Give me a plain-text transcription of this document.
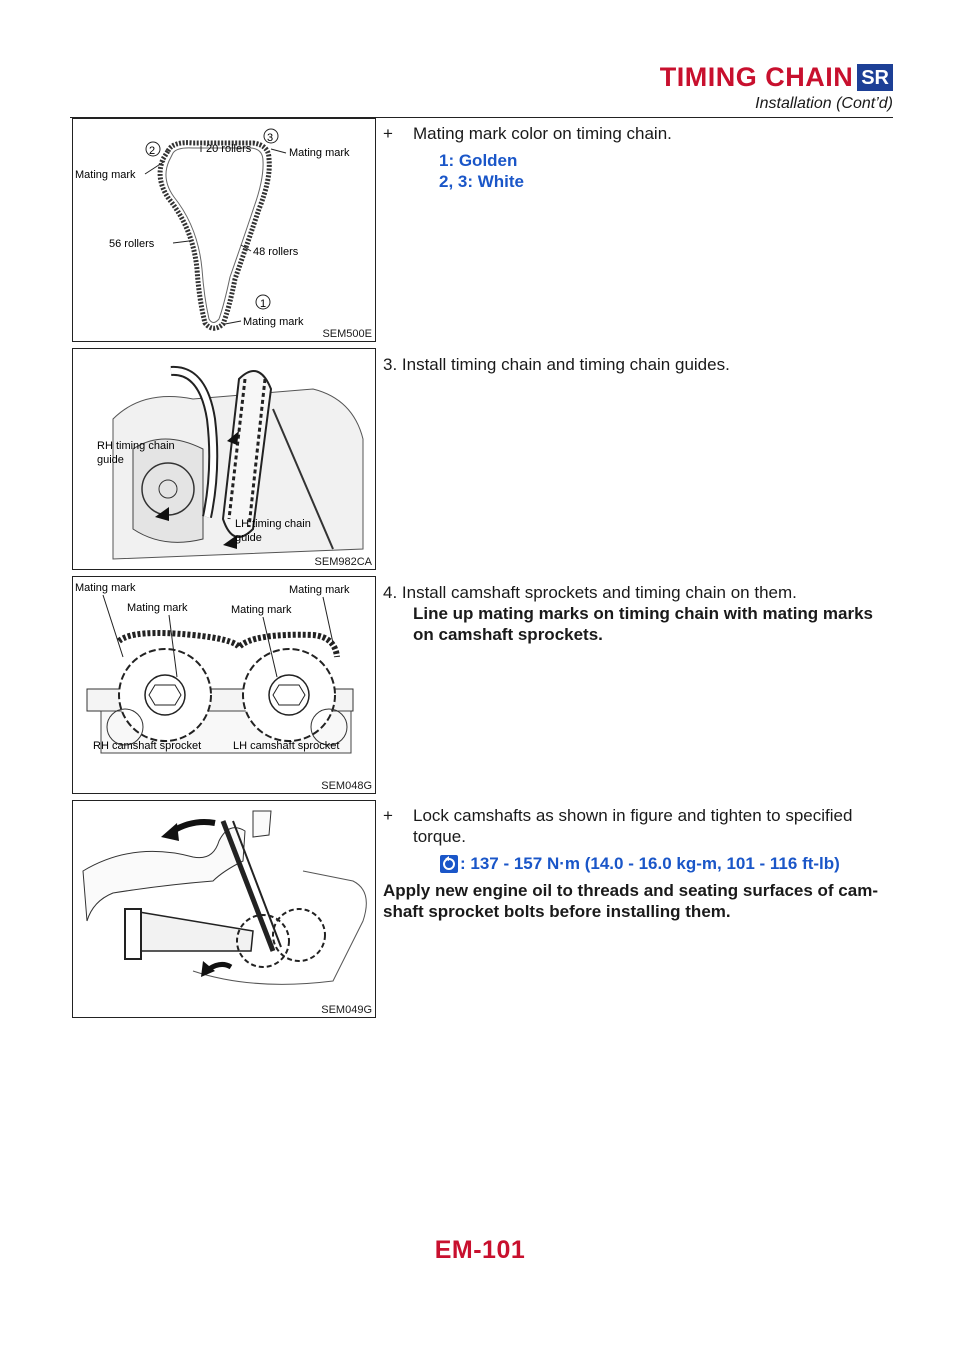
TIMING CHAIN SR
Installation (Cont’d)
2
3
1
20 rollers	Mating mark
Mating mark
56 rollers
48 rollers
Mating mark
SEM500E
RH timing chain
guide
LH timing chain
guide
SEM982CA
Mating mark	Mating mark
Mating mark	Mating mark
RH camshaft sprocket	LH camshaft sprocket
SEM048G
SEM049G
+ Mating mark color on timing chain.
1: Golden
2, 3: White
3. Install timing chain and timing chain guides.
4. Install camshaft sprockets and timing chain on them.
Line up mating marks on timing chain with mating marks
on camshaft sprockets.
+ Lock camshafts as shown in figure and tighten to specified
torque.
: 137 - 157 N·m (14.0 - 16.0 kg-m, 101 - 116 ft-lb)
Apply new engine oil to threads and seating surfaces of cam-
shaft sprocket bolts before installing them.
EM-101
